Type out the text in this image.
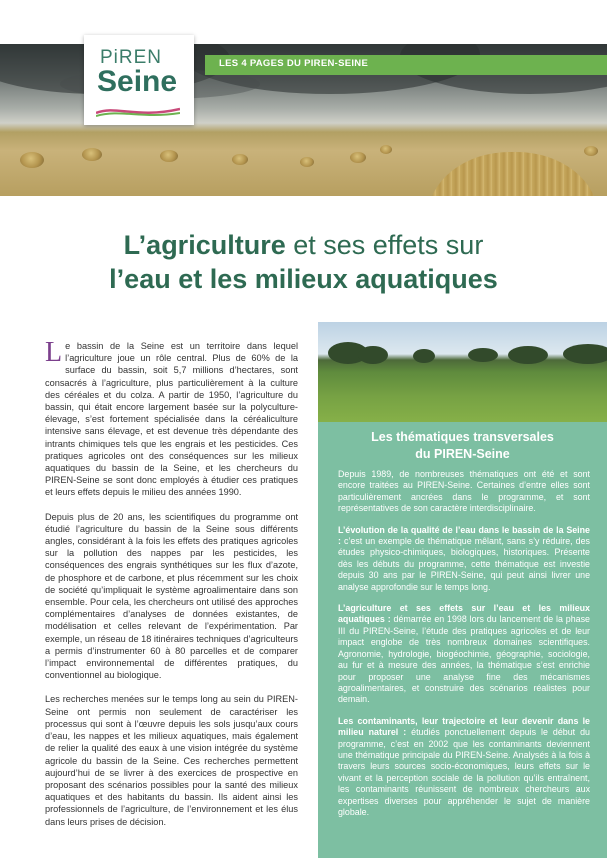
LES 4 PAGES DU PIREN-SEINE
PiREN
Seine
L’agriculture et ses effets sur
l’eau et les milieux aquatiques

Le bassin de la Seine est un territoire dans lequel l’agriculture joue un rôle central. Plus de 60% de la surface du bassin, soit 5,7 millions d’hectares, sont consacrés à l’agriculture, plus particulièrement à la culture des céréales et du colza. A partir de 1950, l’agriculture du bassin, qui était encore largement basée sur la polyculture-élevage, s’est fortement spécialisée dans la céréaliculture intensive sans élevage, et est devenue très dépendante des intrants chimiques tels que les engrais et les pesticides. Ces pratiques agricoles ont des conséquences sur les milieux aquatiques du bassin de la Seine, et les chercheurs du PIREN-Seine se sont donc employés à étudier ces pratiques et leurs effets depuis le milieu des années 1990.

Depuis plus de 20 ans, les scientifiques du programme ont étudié l’agriculture du bassin de la Seine sous différents angles, considérant à la fois les effets des pratiques agricoles sur la pollution des nappes par les pesticides, les conséquences des engrais synthétiques sur les flux d’azote, de phosphore et de carbone, et plus récemment sur les choix de société qu’impliquait le système agroalimentaire dans son ensemble. Pour cela, les chercheurs ont utilisé des approches complémentaires d’analyses de données existantes, de modélisation et celles relevant de l’expérimentation. Par exemple, un réseau de 18 itinéraires techniques d’agriculteurs a permis d’instrumenter 60 à 80 parcelles et de comparer l’impact environnemental de différentes pratiques, du conventionnel au biologique.

Les recherches menées sur le temps long au sein du PIREN-Seine ont permis non seulement de caractériser les processus qui sont à l’œuvre depuis les sols jusqu’aux cours d’eau, les nappes et les milieux aquatiques, mais également de relier la qualité des eaux à une vision intégrée du système agricole du bassin de la Seine. Ces recherches permettent aujourd’hui de se livrer à des exercices de prospective en proposant des scénarios possibles pour la santé des milieux aquatiques et des habitants du bassin. Ils aident ainsi les professionnels de l’agriculture, de l’environnement et les élus dans leurs prises de décision.

Les thématiques transversales
du PIREN-Seine

Depuis 1989, de nombreuses thématiques ont été et sont encore traitées au PIREN-Seine. Certaines d’entre elles sont particulièrement ancrées dans le programme, et sont représentatives de son caractère interdisciplinaire.

L’évolution de la qualité de l’eau dans le bassin de la Seine : c’est un exemple de thématique mêlant, sans s’y réduire, des études physico-chimiques, biologiques, historiques. Présente dès les débuts du programme, cette thématique est investie depuis 30 ans par le PIREN-Seine, qui peut ainsi livrer une analyse approfondie sur le temps long.

L’agriculture et ses effets sur l’eau et les milieux aquatiques : démarrée en 1998 lors du lancement de la phase III du PIREN-Seine, l’étude des pratiques agricoles et de leur impact englobe de très nombreux domaines scientifiques. Agronomie, hydrologie, biogéochimie, géographie, sociologie, au fur et à mesure des années, la thématique s’est enrichie pour proposer une analyse fine des mécanismes agroalimentaires, et construire des scénarios réalistes pour demain.

Les contaminants, leur trajectoire et leur devenir dans le milieu naturel : étudiés ponctuellement depuis le début du programme, c’est en 2002 que les contaminants deviennent une thématique principale du PIREN-Seine. Analysés à la fois à travers leurs sources socio-économiques, leurs effets sur le vivant et la perception sociale de la pollution qu’ils entraînent, les contaminants réunissent de nombreux chercheurs aux expertises diverses pour appréhender le sujet de manière globale.
